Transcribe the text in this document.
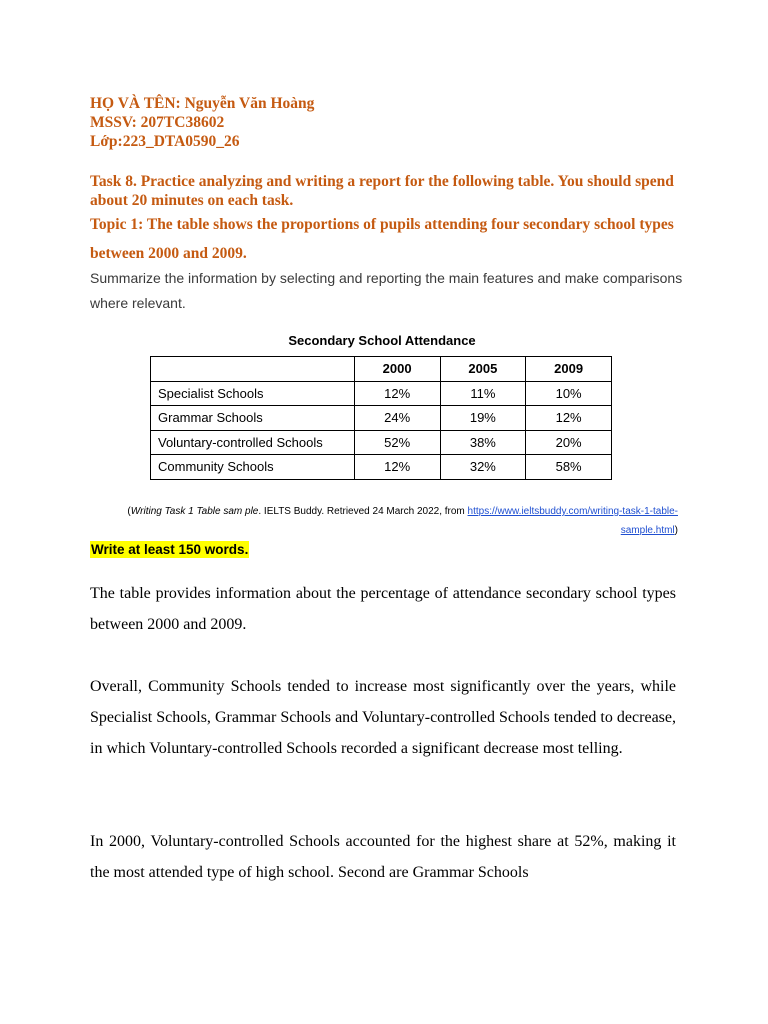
HỌ VÀ TÊN: Nguyễn Văn Hoàng
MSSV: 207TC38602
Lớp:223_DTA0590_26
Task 8. Practice analyzing and writing a report for the following table. You should spend about 20 minutes on each task.
Topic 1: The table shows the proportions of pupils attending four secondary school types between 2000 and 2009.
Summarize the information by selecting and reporting the main features and make comparisons where relevant.
Secondary School Attendance
	2000	2005	2009
Specialist Schools	12%	11%	10%
Grammar Schools	24%	19%	12%
Voluntary-controlled Schools	52%	38%	20%
Community Schools	12%	32%	58%
(Writing Task 1 Table sam ple. IELTS Buddy. Retrieved 24 March 2022, from https://www.ieltsbuddy.com/writing-task-1-table-
sample.html)
Write at least 150 words.
The table provides information about the percentage of attendance secondary school types between 2000 and 2009.
Overall, Community Schools tended to increase most significantly over the years, while Specialist Schools, Grammar Schools and Voluntary-controlled Schools tended to decrease, in which Voluntary-controlled Schools recorded a significant decrease most telling.
In 2000, Voluntary-controlled Schools accounted for the highest share at 52%, making it the most attended type of high school. Second are Grammar Schools
